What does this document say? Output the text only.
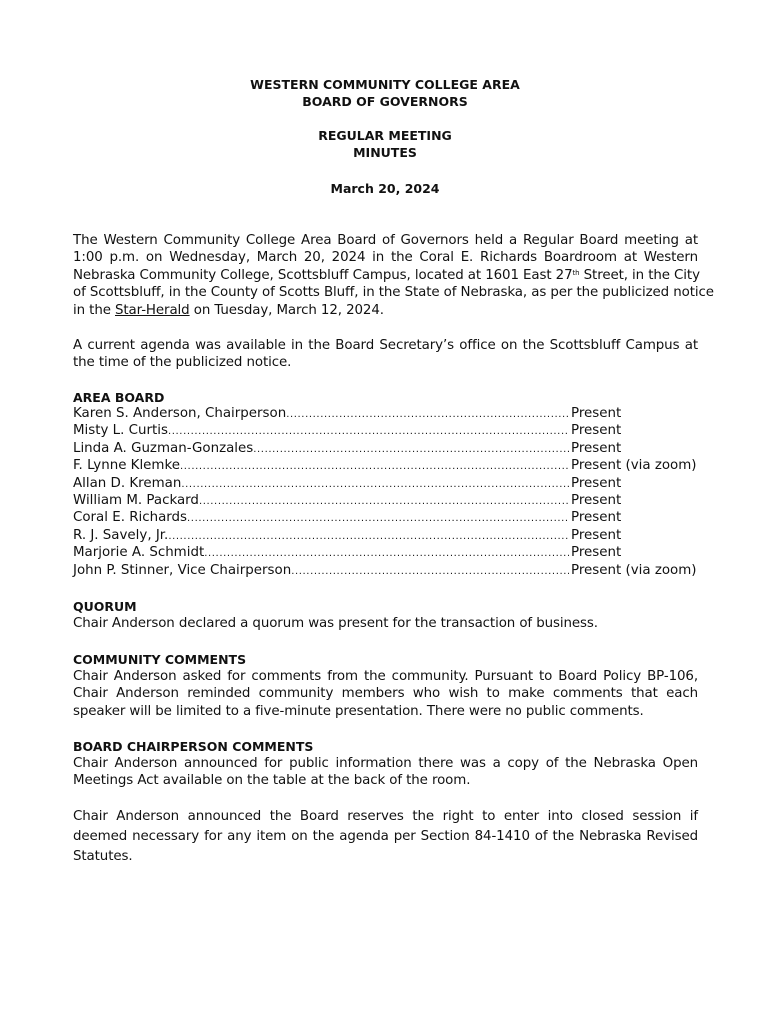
WESTERN COMMUNITY COLLEGE AREA
BOARD OF GOVERNORS
REGULAR MEETING
MINUTES
March 20, 2024
The Western Community College Area Board of Governors held a Regular Board meeting at
1:00 p.m. on Wednesday, March 20, 2024 in the Coral E. Richards Boardroom at Western
Nebraska Community College, Scottsbluff Campus, located at 1601 East 27th Street, in the City
of Scottsbluff, in the County of Scotts Bluff, in the State of Nebraska, as per the publicized notice
in the Star-Herald on Tuesday, March 12, 2024.
A current agenda was available in the Board Secretary’s office on the Scottsbluff Campus at
the time of the publicized notice.
AREA BOARD
Karen S. Anderson, Chairperson .....	Present
Misty L. Curtis .....	Present
Linda A. Guzman-Gonzales .....	Present
F. Lynne Klemke .....	Present (via zoom)
Allan D. Kreman .....	Present
William M. Packard .....	Present
Coral E. Richards .....	Present
R. J. Savely, Jr. .....	Present
Marjorie A. Schmidt .....	Present
John P. Stinner, Vice Chairperson .....	Present (via zoom)
QUORUM
Chair Anderson declared a quorum was present for the transaction of business.
COMMUNITY COMMENTS
Chair Anderson asked for comments from the community. Pursuant to Board Policy BP-106,
Chair Anderson reminded community members who wish to make comments that each
speaker will be limited to a five-minute presentation. There were no public comments.
BOARD CHAIRPERSON COMMENTS
Chair Anderson announced for public information there was a copy of the Nebraska Open
Meetings Act available on the table at the back of the room.
Chair Anderson announced the Board reserves the right to enter into closed session if
deemed necessary for any item on the agenda per Section 84-1410 of the Nebraska Revised
Statutes.
